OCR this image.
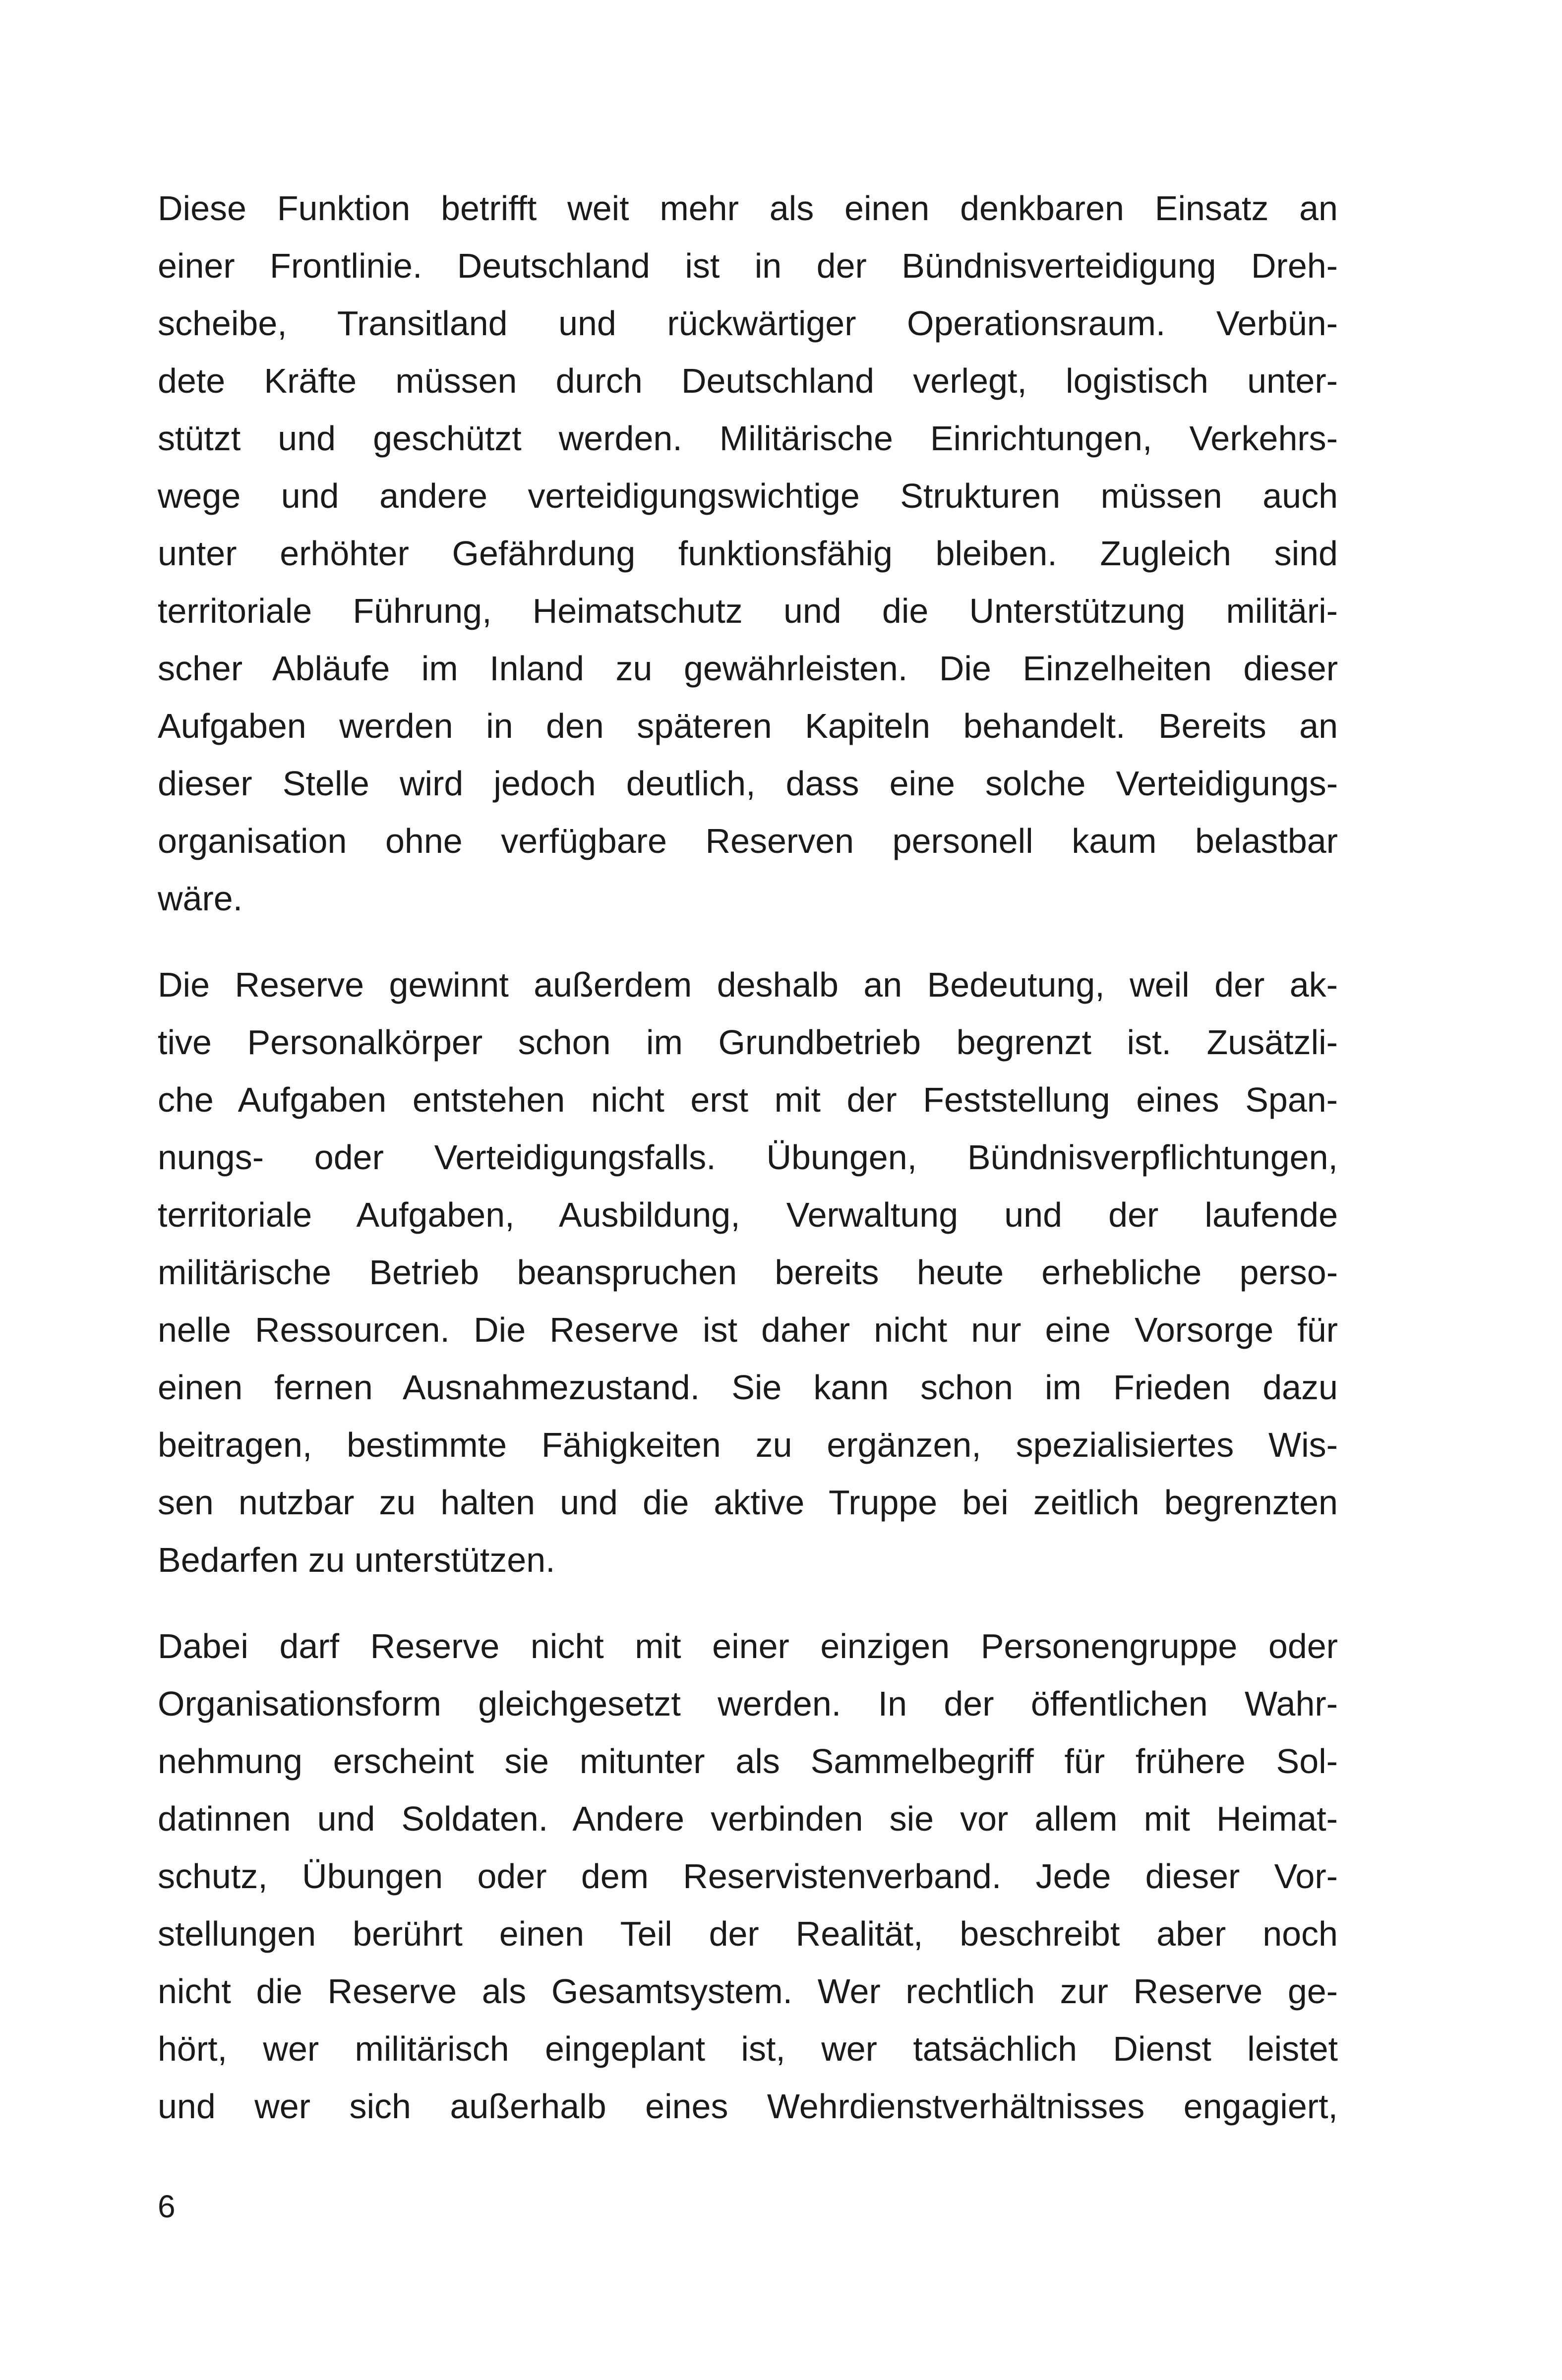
Diese Funktion betrifft weit mehr als einen denkbaren Einsatz an
einer Frontlinie. Deutschland ist in der Bündnisverteidigung Dreh-
scheibe, Transitland und rückwärtiger Operationsraum. Verbün-
dete Kräfte müssen durch Deutschland verlegt, logistisch unter-
stützt und geschützt werden. Militärische Einrichtungen, Verkehrs-
wege und andere verteidigungswichtige Strukturen müssen auch
unter erhöhter Gefährdung funktionsfähig bleiben. Zugleich sind
territoriale Führung, Heimatschutz und die Unterstützung militäri-
scher Abläufe im Inland zu gewährleisten. Die Einzelheiten dieser
Aufgaben werden in den späteren Kapiteln behandelt. Bereits an
dieser Stelle wird jedoch deutlich, dass eine solche Verteidigungs-
organisation ohne verfügbare Reserven personell kaum belastbar
wäre.

Die Reserve gewinnt außerdem deshalb an Bedeutung, weil der ak-
tive Personalkörper schon im Grundbetrieb begrenzt ist. Zusätzli-
che Aufgaben entstehen nicht erst mit der Feststellung eines Span-
nungs- oder Verteidigungsfalls. Übungen, Bündnisverpflichtungen,
territoriale Aufgaben, Ausbildung, Verwaltung und der laufende
militärische Betrieb beanspruchen bereits heute erhebliche perso-
nelle Ressourcen. Die Reserve ist daher nicht nur eine Vorsorge für
einen fernen Ausnahmezustand. Sie kann schon im Frieden dazu
beitragen, bestimmte Fähigkeiten zu ergänzen, spezialisiertes Wis-
sen nutzbar zu halten und die aktive Truppe bei zeitlich begrenzten
Bedarfen zu unterstützen.

Dabei darf Reserve nicht mit einer einzigen Personengruppe oder
Organisationsform gleichgesetzt werden. In der öffentlichen Wahr-
nehmung erscheint sie mitunter als Sammelbegriff für frühere Sol-
datinnen und Soldaten. Andere verbinden sie vor allem mit Heimat-
schutz, Übungen oder dem Reservistenverband. Jede dieser Vor-
stellungen berührt einen Teil der Realität, beschreibt aber noch
nicht die Reserve als Gesamtsystem. Wer rechtlich zur Reserve ge-
hört, wer militärisch eingeplant ist, wer tatsächlich Dienst leistet
und wer sich außerhalb eines Wehrdienstverhältnisses engagiert,

6
